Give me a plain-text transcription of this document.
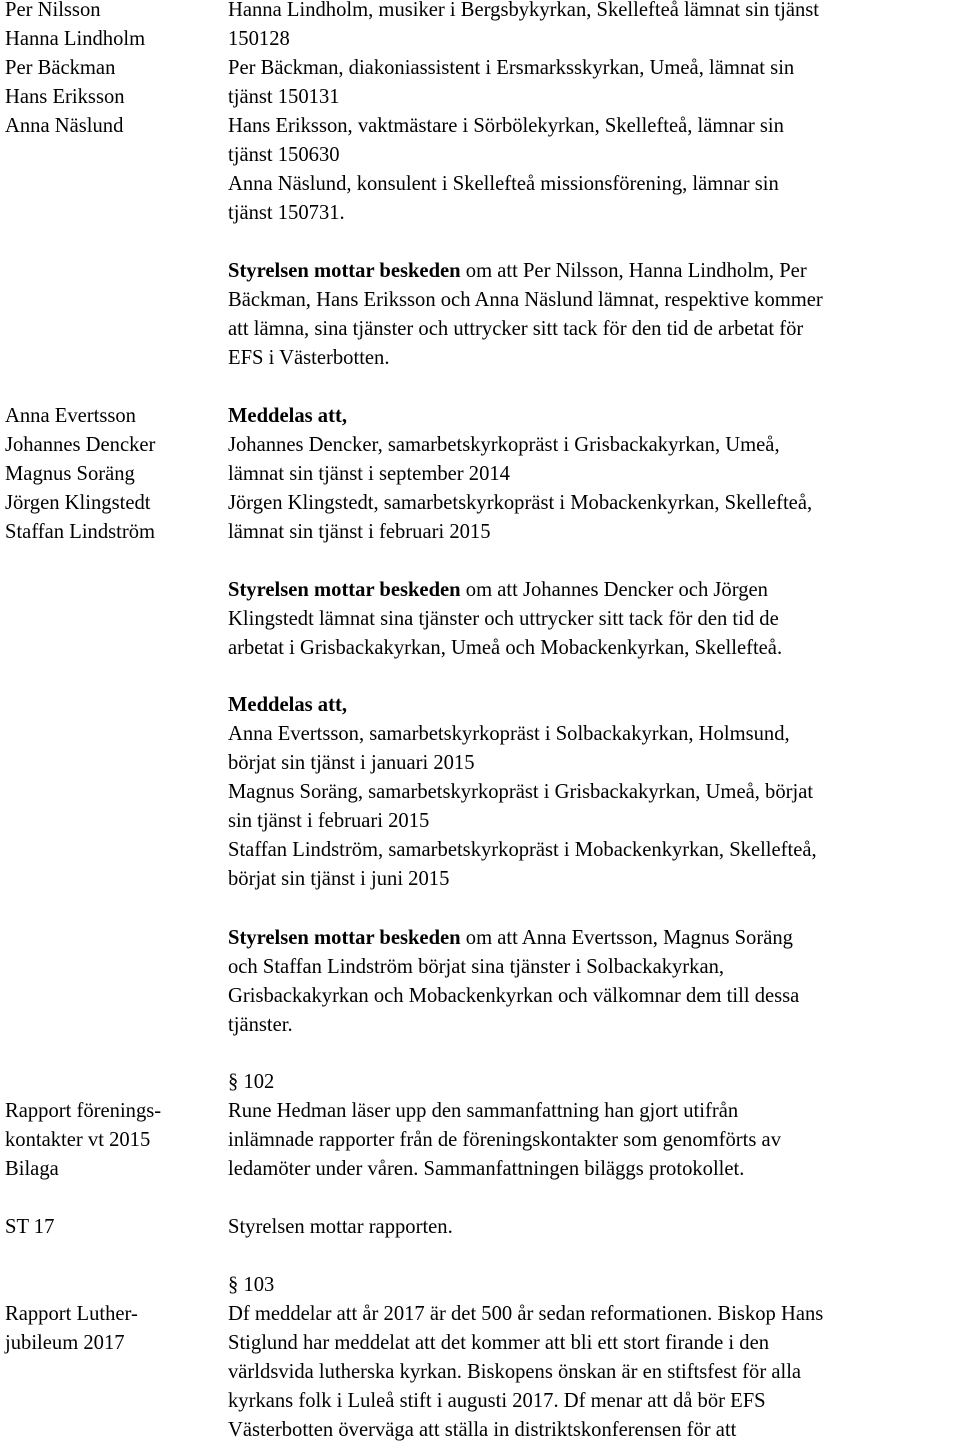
Per Nilsson
Hanna Lindholm
Per Bäckman
Hans Eriksson
Anna Näslund
Hanna Lindholm, musiker i Bergsbykyrkan, Skellefteå lämnat sin tjänst
150128
Per Bäckman, diakoniassistent i Ersmarksskyrkan, Umeå, lämnat sin
tjänst 150131
Hans Eriksson, vaktmästare i Sörbölekyrkan, Skellefteå, lämnar sin
tjänst 150630
Anna Näslund, konsulent i Skellefteå missionsförening, lämnar sin
tjänst 150731.
Styrelsen mottar beskeden om att Per Nilsson, Hanna Lindholm, Per
Bäckman, Hans Eriksson och Anna Näslund lämnat, respektive kommer
att lämna, sina tjänster och uttrycker sitt tack för den tid de arbetat för
EFS i Västerbotten.
Anna Evertsson
Johannes Dencker
Magnus Soräng
Jörgen Klingstedt
Staffan Lindström
Meddelas att,
Johannes Dencker, samarbetskyrkopräst i Grisbackakyrkan, Umeå,
lämnat sin tjänst i september 2014
Jörgen Klingstedt, samarbetskyrkopräst i Mobackenkyrkan, Skellefteå,
lämnat sin tjänst i februari 2015
Styrelsen mottar beskeden om att Johannes Dencker och Jörgen
Klingstedt lämnat sina tjänster och uttrycker sitt tack för den tid de
arbetat i Grisbackakyrkan, Umeå och Mobackenkyrkan, Skellefteå.
Meddelas att,
Anna Evertsson, samarbetskyrkopräst i Solbackakyrkan, Holmsund,
börjat sin tjänst i januari 2015
Magnus Soräng, samarbetskyrkopräst i Grisbackakyrkan, Umeå, börjat
sin tjänst i februari 2015
Staffan Lindström, samarbetskyrkopräst i Mobackenkyrkan, Skellefteå,
börjat sin tjänst i juni 2015
Styrelsen mottar beskeden om att Anna Evertsson, Magnus Soräng
och Staffan Lindström börjat sina tjänster i Solbackakyrkan,
Grisbackakyrkan och Mobackenkyrkan och välkomnar dem till dessa
tjänster.
§ 102
Rapport förenings-
kontakter vt 2015
Bilaga
Rune Hedman läser upp den sammanfattning han gjort utifrån
inlämnade rapporter från de föreningskontakter som genomförts av
ledamöter under våren. Sammanfattningen biläggs protokollet.
ST 17	Styrelsen mottar rapporten.
§ 103
Rapport Luther-
jubileum 2017
Df meddelar att år 2017 är det 500 år sedan reformationen. Biskop Hans
Stiglund har meddelat att det kommer att bli ett stort firande i den
världsvida lutherska kyrkan. Biskopens önskan är en stiftsfest för alla
kyrkans folk i Luleå stift i augusti 2017. Df menar att då bör EFS
Västerbotten överväga att ställa in distriktskonferensen för att
